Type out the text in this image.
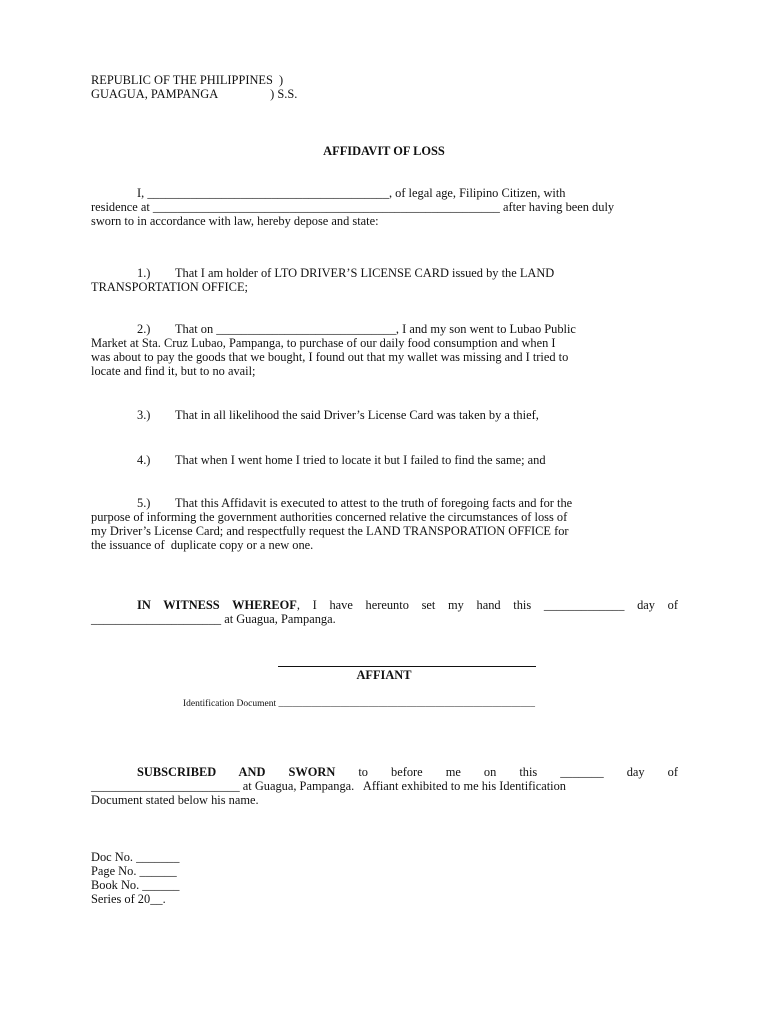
REPUBLIC OF THE PHILIPPINES  )
GUAGUA, PAMPANGA                 ) S.S.
AFFIDAVIT OF LOSS
I, _______________________________________, of legal age, Filipino Citizen, with
residence at ________________________________________________________ after having been duly
sworn to in accordance with law, hereby depose and state:
1.)        That I am holder of LTO DRIVER’S LICENSE CARD issued by the LAND
TRANSPORTATION OFFICE;
2.)        That on _____________________________, I and my son went to Lubao Public
Market at Sta. Cruz Lubao, Pampanga, to purchase of our daily food consumption and when I
was about to pay the goods that we bought, I found out that my wallet was missing and I tried to
locate and find it, but to no avail;
3.)        That in all likelihood the said Driver’s License Card was taken by a thief,
4.)        That when I went home I tried to locate it but I failed to find the same; and
5.)        That this Affidavit is executed to attest to the truth of foregoing facts and for the
purpose of informing the government authorities concerned relative the circumstances of loss of
my Driver’s License Card; and respectfully request the LAND TRANSPORATION OFFICE for
the issuance of  duplicate copy or a new one.
IN WITNESS WHEREOF, I have hereunto set my hand this _____________ day of
_____________________ at Guagua, Pampanga.
AFFIANT
Identification Document ______________________________________________________
SUBSCRIBED AND SWORN to before me on this _______ day of
________________________ at Guagua, Pampanga.   Affiant exhibited to me his Identification
Document stated below his name.
Doc No. _______
Page No. ______
Book No. ______
Series of 20__.
